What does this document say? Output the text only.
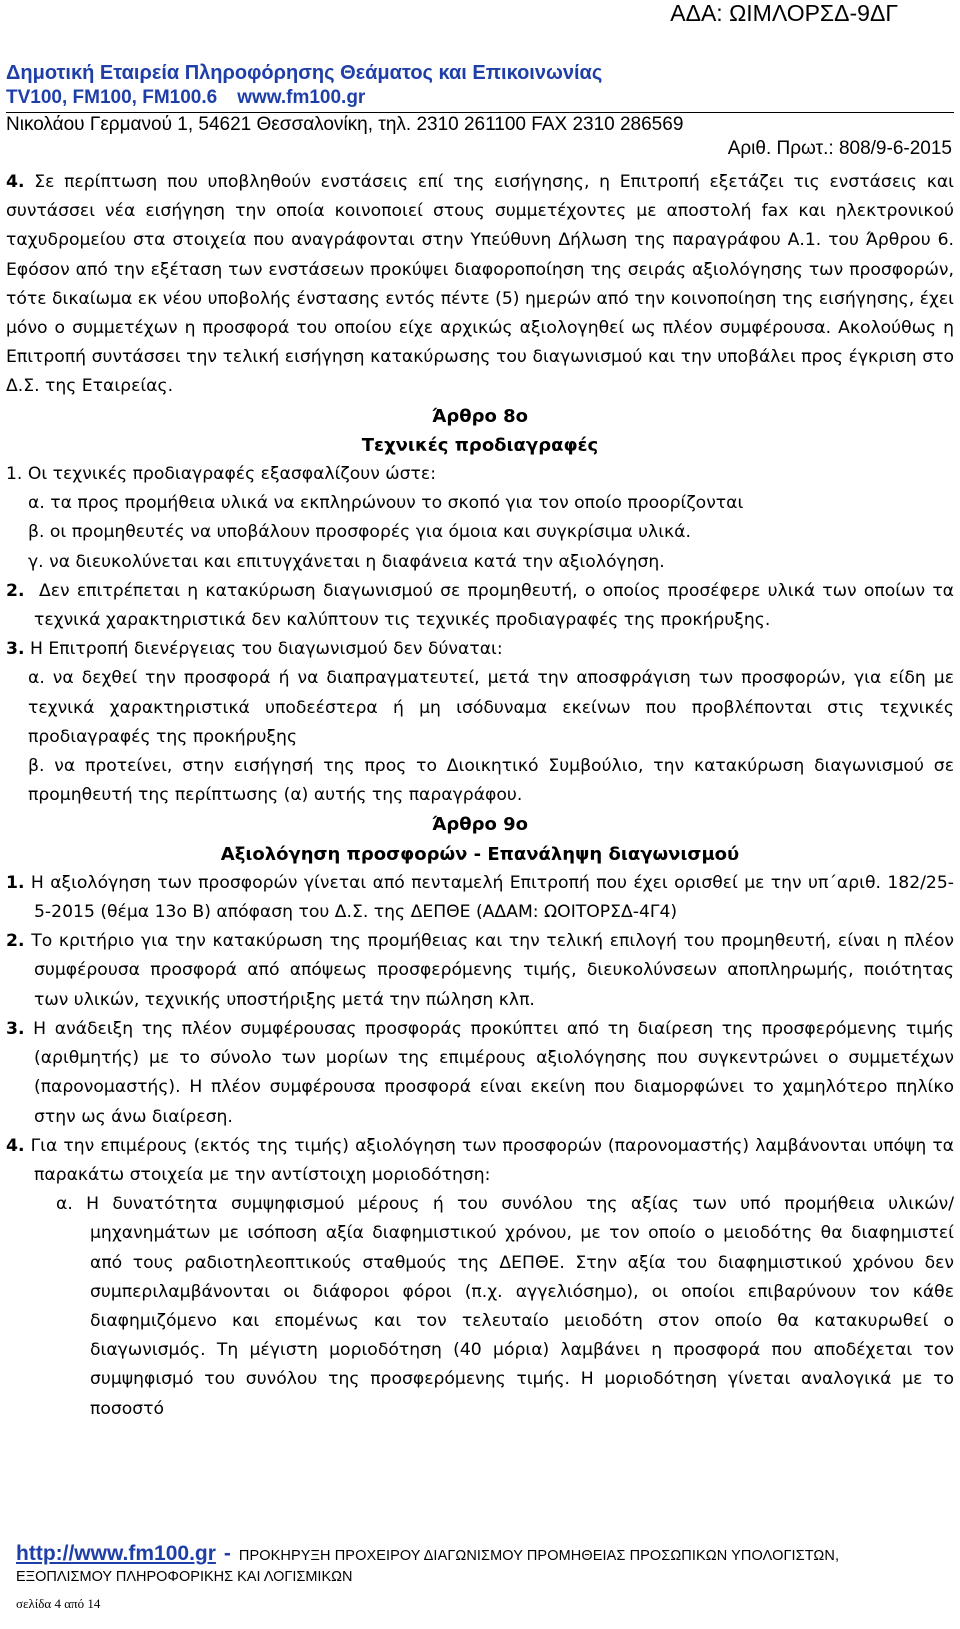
ΑΔΑ: ΩΙΜΛΟΡΣΔ-9ΔΓ
Δημοτική Εταιρεία Πληροφόρησης Θεάματος και Επικοινωνίας
TV100, FM100, FM100.6 www.fm100.gr
Νικολάου Γερμανού 1, 54621 Θεσσαλονίκη, τηλ. 2310 261100 FAX 2310 286569
Αριθ. Πρωτ.: 808/9-6-2015

4. Σε περίπτωση που υποβληθούν ενστάσεις επί της εισήγησης, η Επιτροπή εξετάζει τις ενστάσεις και συντάσσει νέα εισήγηση την οποία κοινοποιεί στους συμμετέχοντες με αποστολή fax και ηλεκτρονικού ταχυδρομείου στα στοιχεία που αναγράφονται στην Υπεύθυνη Δήλωση της παραγράφου Α.1. του Άρθρου 6. Εφόσον από την εξέταση των ενστάσεων προκύψει διαφοροποίηση της σειράς αξιολόγησης των προσφορών, τότε δικαίωμα εκ νέου υποβολής ένστασης εντός πέντε (5) ημερών από την κοινοποίηση της εισήγησης, έχει μόνο ο συμμετέχων η προσφορά του οποίου είχε αρχικώς αξιολογηθεί ως πλέον συμφέρουσα. Ακολούθως η Επιτροπή συντάσσει την τελική εισήγηση κατακύρωσης του διαγωνισμού και την υποβάλει προς έγκριση στο Δ.Σ. της Εταιρείας.

Άρθρο 8ο

Τεχνικές προδιαγραφές

1. Οι τεχνικές προδιαγραφές εξασφαλίζουν ώστε:

α. τα προς προμήθεια υλικά να εκπληρώνουν το σκοπό για τον οποίο προορίζονται

β. οι προμηθευτές να υποβάλουν προσφορές για όμοια και συγκρίσιμα υλικά.

γ. να διευκολύνεται και επιτυγχάνεται η διαφάνεια κατά την αξιολόγηση.

2. Δεν επιτρέπεται η κατακύρωση διαγωνισμού σε προμηθευτή, ο οποίος προσέφερε υλικά των οποίων τα τεχνικά χαρακτηριστικά δεν καλύπτουν τις τεχνικές προδιαγραφές της προκήρυξης.

3. Η Επιτροπή διενέργειας του διαγωνισμού δεν δύναται:

α. να δεχθεί την προσφορά ή να διαπραγματευτεί, μετά την αποσφράγιση των προσφορών, για είδη με τεχνικά χαρακτηριστικά υποδεέστερα ή μη ισόδυναμα εκείνων που προβλέπονται στις τεχνικές προδιαγραφές της προκήρυξης

β. να προτείνει, στην εισήγησή της προς το Διοικητικό Συμβούλιο, την κατακύρωση διαγωνισμού σε προμηθευτή της περίπτωσης (α) αυτής της παραγράφου.

Άρθρο 9ο

Αξιολόγηση προσφορών - Επανάληψη διαγωνισμού

1. Η αξιολόγηση των προσφορών γίνεται από πενταμελή Επιτροπή που έχει ορισθεί με την υπ΄αριθ. 182/25-5-2015 (θέμα 13ο Β) απόφαση του Δ.Σ. της ΔΕΠΘΕ (ΑΔΑΜ: ΩΟΙΤΟΡΣΔ-4Γ4)

2. Το κριτήριο για την κατακύρωση της προμήθειας και την τελική επιλογή του προμηθευτή, είναι η πλέον συμφέρουσα προσφορά από απόψεως προσφερόμενης τιμής, διευκολύνσεων αποπληρωμής, ποιότητας των υλικών, τεχνικής υποστήριξης μετά την πώληση κλπ.

3. Η ανάδειξη της πλέον συμφέρουσας προσφοράς προκύπτει από τη διαίρεση της προσφερόμενης τιμής (αριθμητής) με το σύνολο των μορίων της επιμέρους αξιολόγησης που συγκεντρώνει ο συμμετέχων (παρονομαστής). Η πλέον συμφέρουσα προσφορά είναι εκείνη που διαμορφώνει το χαμηλότερο πηλίκο στην ως άνω διαίρεση.

4. Για την επιμέρους (εκτός της τιμής) αξιολόγηση των προσφορών (παρονομαστής) λαμβάνονται υπόψη τα παρακάτω στοιχεία με την αντίστοιχη μοριοδότηση:

α. Η δυνατότητα συμψηφισμού μέρους ή του συνόλου της αξίας των υπό προμήθεια υλικών/μηχανημάτων με ισόποση αξία διαφημιστικού χρόνου, με τον οποίο ο μειοδότης θα διαφημιστεί από τους ραδιοτηλεοπτικούς σταθμούς της ΔΕΠΘΕ. Στην αξία του διαφημιστικού χρόνου δεν συμπεριλαμβάνονται οι διάφοροι φόροι (π.χ. αγγελιόσημο), οι οποίοι επιβαρύνουν τον κάθε διαφημιζόμενο και επομένως και τον τελευταίο μειοδότη στον οποίο θα κατακυρωθεί ο διαγωνισμός. Τη μέγιστη μοριοδότηση (40 μόρια) λαμβάνει η προσφορά που αποδέχεται τον συμψηφισμό του συνόλου της προσφερόμενης τιμής. Η μοριοδότηση γίνεται αναλογικά με το ποσοστό

http://www.fm100.gr - ΠΡΟΚΗΡΥΞΗ ΠΡΟΧΕΙΡΟΥ ΔΙΑΓΩΝΙΣΜΟΥ ΠΡΟΜΗΘΕΙΑΣ ΠΡΟΣΩΠΙΚΩΝ ΥΠΟΛΟΓΙΣΤΩΝ,
ΕΞΟΠΛΙΣΜΟΥ ΠΛΗΡΟΦΟΡΙΚΗΣ ΚΑΙ ΛΟΓΙΣΜΙΚΩΝ
σελίδα 4 από 14
